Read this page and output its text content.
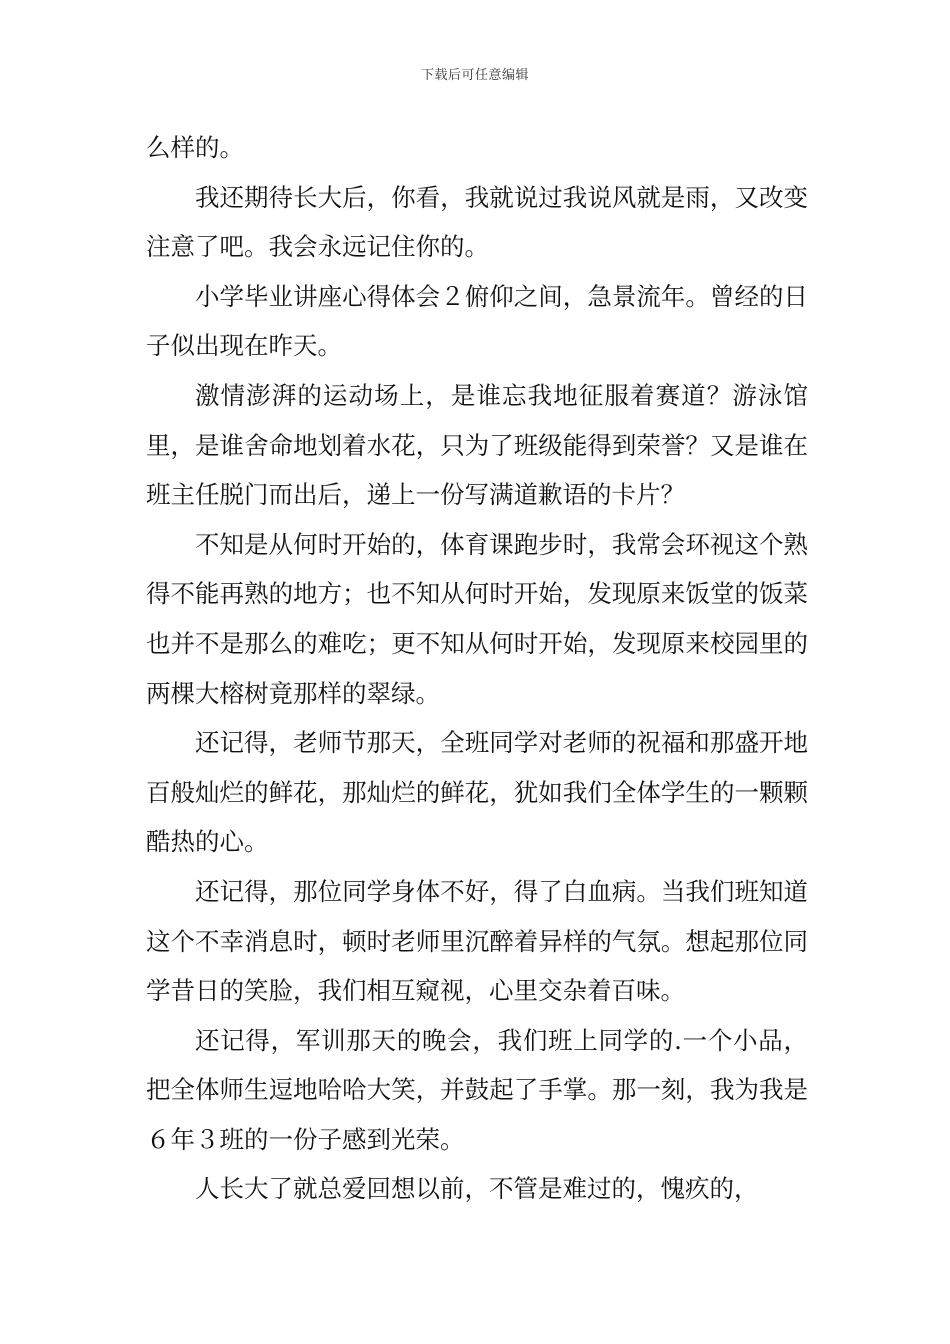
下载后可任意编辑

么样的。

我还期待长大后，你看，我就说过我说风就是雨，又改变注意了吧。我会永远记住你的。

小学毕业讲座心得体会２俯仰之间，急景流年。曾经的日子似出现在昨天。

激情澎湃的运动场上，是谁忘我地征服着赛道？游泳馆里，是谁舍命地划着水花，只为了班级能得到荣誉？又是谁在班主任脱门而出后，递上一份写满道歉语的卡片？

不知是从何时开始的，体育课跑步时，我常会环视这个熟得不能再熟的地方；也不知从何时开始，发现原来饭堂的饭菜也并不是那么的难吃；更不知从何时开始，发现原来校园里的两棵大榕树竟那样的翠绿。

还记得，老师节那天，全班同学对老师的祝福和那盛开地百般灿烂的鲜花，那灿烂的鲜花，犹如我们全体学生的一颗颗酷热的心。

还记得，那位同学身体不好，得了白血病。当我们班知道这个不幸消息时，顿时老师里沉醉着异样的气氛。想起那位同学昔日的笑脸，我们相互窥视，心里交杂着百味。

还记得，军训那天的晚会，我们班上同学的.一个小品，把全体师生逗地哈哈大笑，并鼓起了手掌。那一刻，我为我是６年３班的一份子感到光荣。

人长大了就总爱回想以前，不管是难过的，愧疚的，
